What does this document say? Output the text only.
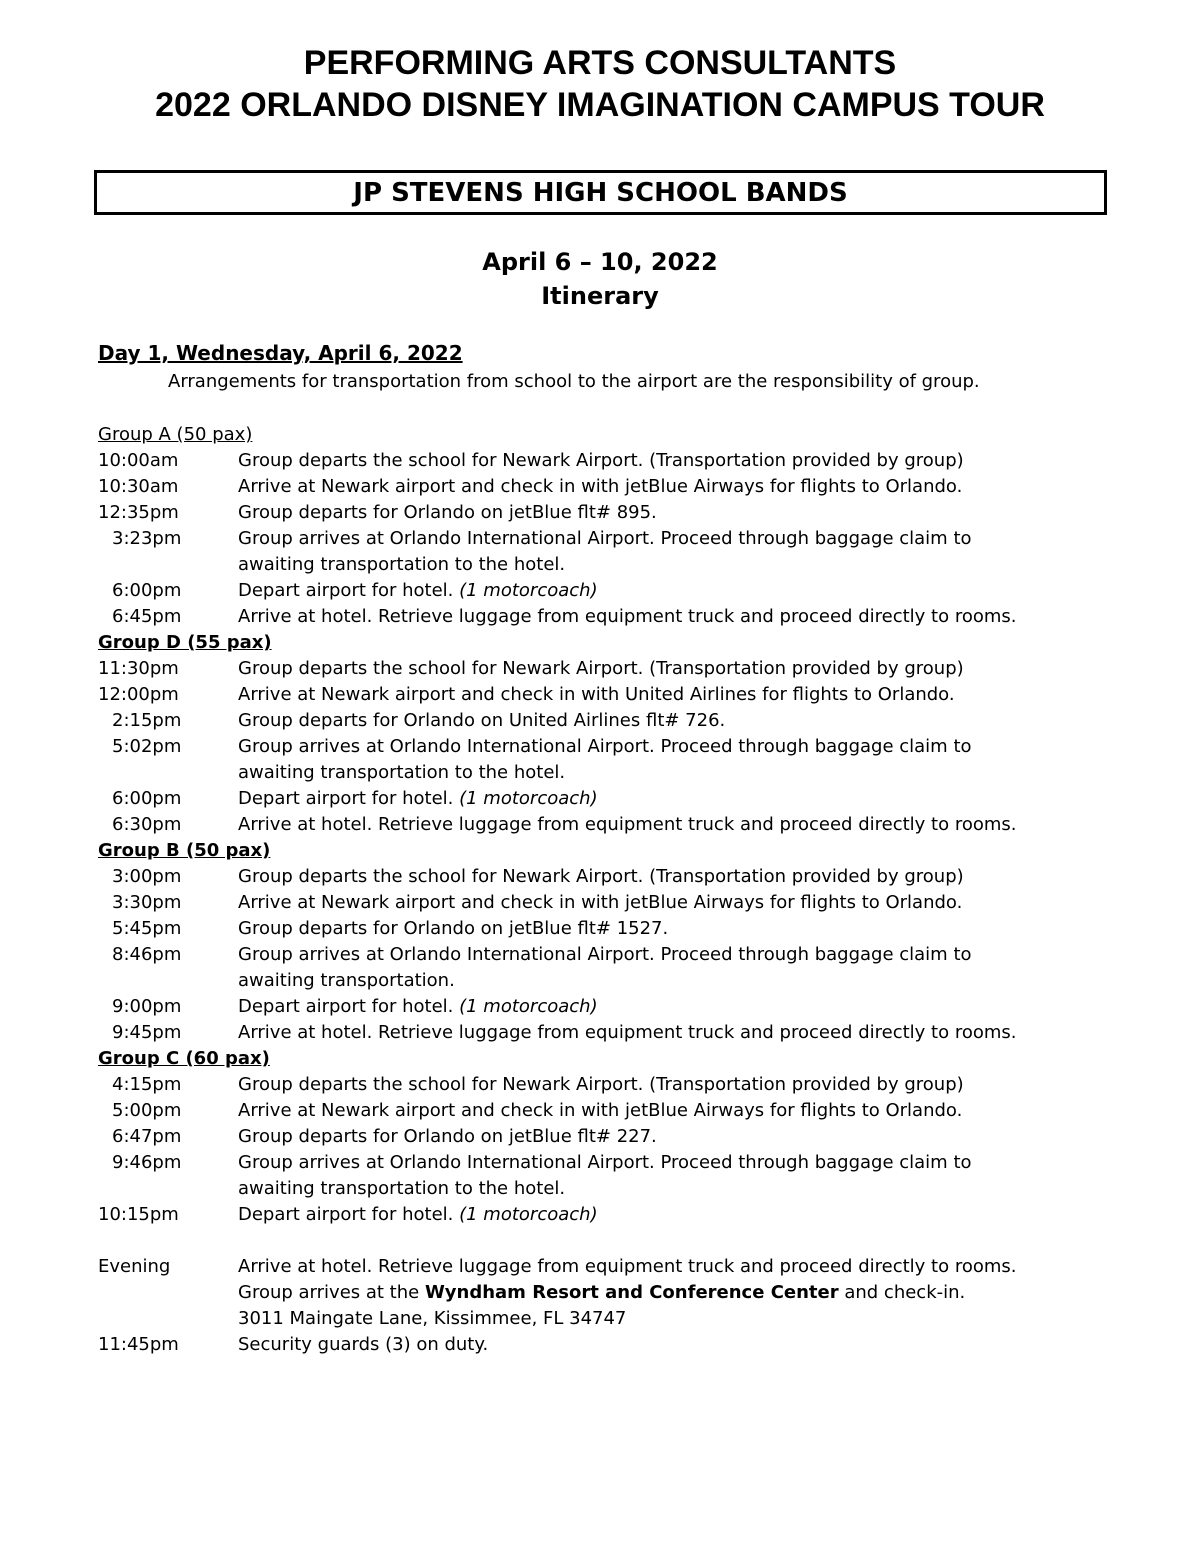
PERFORMING ARTS CONSULTANTS
2022 ORLANDO DISNEY IMAGINATION CAMPUS TOUR
JP STEVENS HIGH SCHOOL BANDS
April 6 – 10, 2022
Itinerary
Day 1, Wednesday, April 6, 2022
Arrangements for transportation from school to the airport are the responsibility of group.
Group A (50 pax)
10:00am	Group departs the school for Newark Airport. (Transportation provided by group)
10:30am	Arrive at Newark airport and check in with jetBlue Airways for flights to Orlando.
12:35pm	Group departs for Orlando on jetBlue flt# 895.
3:23pm	Group arrives at Orlando International Airport. Proceed through baggage claim to
awaiting transportation to the hotel.
6:00pm	Depart airport for hotel. (1 motorcoach)
6:45pm	Arrive at hotel. Retrieve luggage from equipment truck and proceed directly to rooms.
Group D (55 pax)
11:30pm	Group departs the school for Newark Airport. (Transportation provided by group)
12:00pm	Arrive at Newark airport and check in with United Airlines for flights to Orlando.
2:15pm	Group departs for Orlando on United Airlines flt# 726.
5:02pm	Group arrives at Orlando International Airport. Proceed through baggage claim to
awaiting transportation to the hotel.
6:00pm	Depart airport for hotel. (1 motorcoach)
6:30pm	Arrive at hotel. Retrieve luggage from equipment truck and proceed directly to rooms.
Group B (50 pax)
3:00pm	Group departs the school for Newark Airport. (Transportation provided by group)
3:30pm	Arrive at Newark airport and check in with jetBlue Airways for flights to Orlando.
5:45pm	Group departs for Orlando on jetBlue flt# 1527.
8:46pm	Group arrives at Orlando International Airport. Proceed through baggage claim to
awaiting transportation.
9:00pm	Depart airport for hotel. (1 motorcoach)
9:45pm	Arrive at hotel. Retrieve luggage from equipment truck and proceed directly to rooms.
Group C (60 pax)
4:15pm	Group departs the school for Newark Airport. (Transportation provided by group)
5:00pm	Arrive at Newark airport and check in with jetBlue Airways for flights to Orlando.
6:47pm	Group departs for Orlando on jetBlue flt# 227.
9:46pm	Group arrives at Orlando International Airport. Proceed through baggage claim to
awaiting transportation to the hotel.
10:15pm	Depart airport for hotel. (1 motorcoach)
Evening	Arrive at hotel. Retrieve luggage from equipment truck and proceed directly to rooms.
Group arrives at the Wyndham Resort and Conference Center and check-in.
3011 Maingate Lane, Kissimmee, FL 34747
11:45pm	Security guards (3) on duty.
